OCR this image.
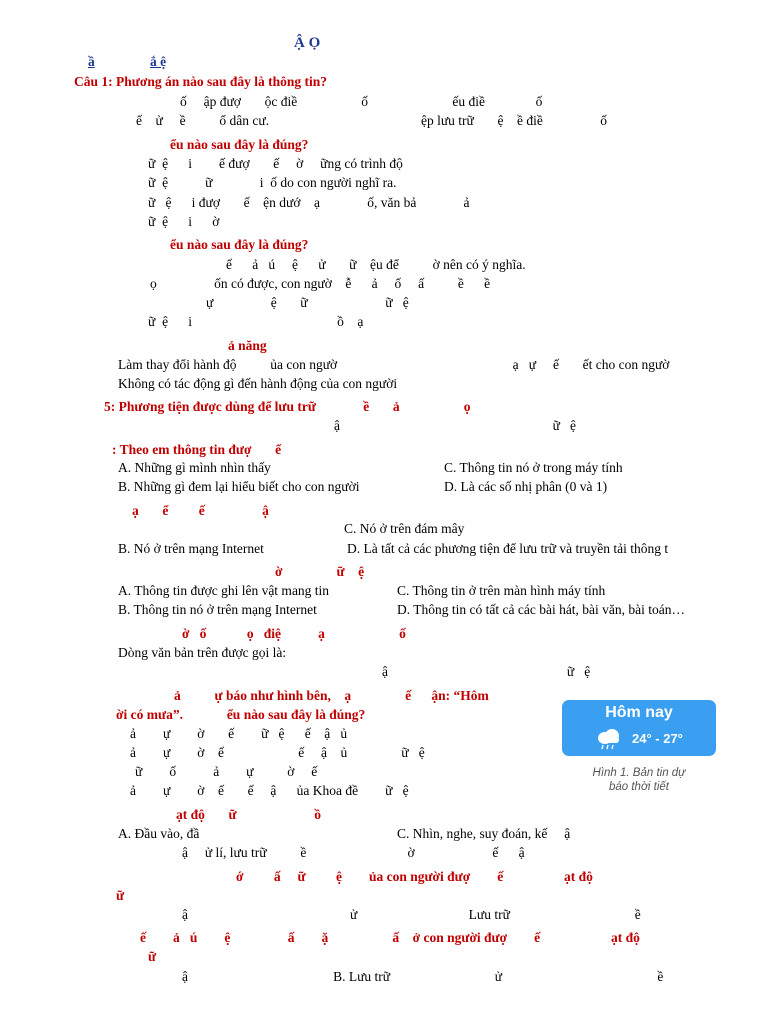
Ậ Ọ
ầ	ắ ệ
Câu 1: Phương án nào sau đây là thông tin?
ố     ập đượ       ộc điề                   ố                         ếu điề               ố
ế    ử     ề          ố dân cư.                                             ệp lưu trữ       ệ    ề điề                 ố
ểu nào sau đây là đúng?
ữ  ệ      i        ế đượ       ế     ờ     ững có trình độ
ữ  ệ           ữ              i  ố do con người nghĩ ra.
ữ   ệ      i đượ       ế    ện dướ    ạ              ố, văn bả              ả
ữ  ệ      i      ờ
ểu nào sau đây là đúng?
ế      ả   ú     ệ      ử       ữ    ệu để          ờ nên có ý nghĩa.
ọ                 ốn có được, con ngườ    ễ      ả     ố     ấ          ề      ề
ự                 ệ       ữ                       ữ   ệ
ữ  ệ      i                                           ồ    ạ
ả năng
Làm thay đổi hành độ          ủa con ngườ                                                    ạ   ự     ế       ết cho con ngườ
Không có tác động gì đến hành động của con người
5: Phương tiện được dùng để lưu trữ              ề       ả                   ọ
ậ                                                               ữ   ệ
: Theo em thông tin đượ       ể
A. Những gì mình nhìn thấy	C. Thông tin nó ở trong máy tính
B. Những gì đem lại hiểu biết cho con người	D. Là các số nhị phân (0 và 1)
ạ       ể         ế                 ậ
C. Nó ở trên đám mây
B. Nó ở trên mạng Internet	D. Là tất cả các phương tiện để lưu trữ và truyền tải thông t
ờ                ữ    ệ
A. Thông tin được ghi lên vật mang tin	C. Thông tin ở trên màn hình máy tính
B. Thông tin nó ở trên mạng Internet	D. Thông tin có tất cả các bài hát, bài văn, bài toán…
ờ   ố            ọ   điệ           ạ                      ố
Dòng văn bản trên được gọi là:
ậ                                                     ữ   ệ
ả          ự báo như hình bên,    ạ                ế      ận: “Hôm
ời có mưa”.             ểu nào sau đây là đúng?
ả        ự        ờ       ế        ữ   ệ      ế    ậ   ủ
ả        ự        ờ    ế                      ế     ậ    ủ                ữ   ệ
ữ        ố           ả        ự          ờ     ế
ả        ự        ờ    ế       ế     ậ      ủa Khoa đề        ữ   ệ
ạt độ       ữ                       ồ
A. Đầu vào, đầ	C. Nhìn, nghe, suy đoán, kế     ậ
ậ     ử lí, lưu trữ          ề                              ờ                       ế      ậ
ớ         ấ     ữ         ệ        ủa con người đượ        ế                  ạt độ
ữ
ậ                                                ử                                 Lưu trữ                                     ề
ế        ả   ú        ệ                 ấ        ặ                   ấ    ở con người đượ        ế                     ạt độ
ữ
ậ                                           B. Lưu trữ                               ử                                              ề
Hôm nay
24° - 27°
Hình 1. Bản tin dự
báo thời tiết
